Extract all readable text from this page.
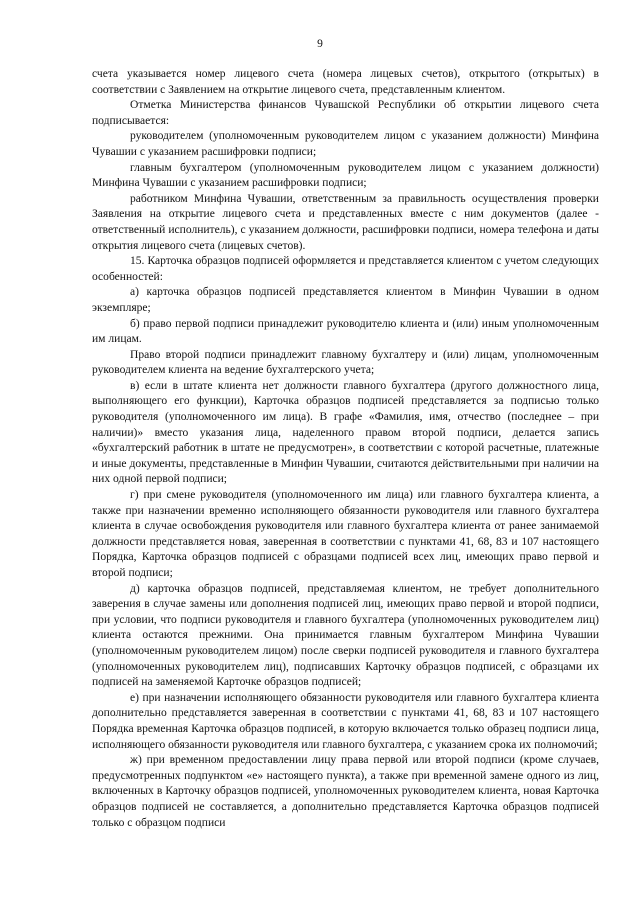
9

счета указывается номер лицевого счета (номера лицевых счетов), открытого (открытых) в соответствии с Заявлением на открытие лицевого счета, представленным клиентом.

Отметка Министерства финансов Чувашской Республики об открытии лицевого счета подписывается:

руководителем (уполномоченным руководителем лицом с указанием должности) Минфина Чувашии с указанием расшифровки подписи;

главным бухгалтером (уполномоченным руководителем лицом с указанием должности) Минфина Чувашии с указанием расшифровки подписи;

работником Минфина Чувашии, ответственным за правильность осуществления проверки Заявления на открытие лицевого счета и представленных вместе с ним документов (далее - ответственный исполнитель), с указанием должности, расшифровки подписи, номера телефона и даты открытия лицевого счета (лицевых счетов).

15. Карточка образцов подписей оформляется и представляется клиентом с учетом следующих особенностей:

а) карточка образцов подписей представляется клиентом в Минфин Чувашии в одном экземпляре;

б) право первой подписи принадлежит руководителю клиента и (или) иным уполномоченным им лицам.

Право второй подписи принадлежит главному бухгалтеру и (или) лицам, уполномоченным руководителем клиента на ведение бухгалтерского учета;

в) если в штате клиента нет должности главного бухгалтера (другого должностного лица, выполняющего его функции), Карточка образцов подписей представляется за подписью только руководителя (уполномоченного им лица). В графе «Фамилия, имя, отчество (последнее – при наличии)» вместо указания лица, наделенного правом второй подписи, делается запись «бухгалтерский работник в штате не предусмотрен», в соответствии с которой расчетные, платежные и иные документы, представленные в Минфин Чувашии, считаются действительными при наличии на них одной первой подписи;

г) при смене руководителя (уполномоченного им лица) или главного бухгалтера клиента, а также при назначении временно исполняющего обязанности руководителя или главного бухгалтера клиента в случае освобождения руководителя или главного бухгалтера клиента от ранее занимаемой должности представляется новая, заверенная в соответствии с пунктами 41, 68, 83 и 107 настоящего Порядка, Карточка образцов подписей с образцами подписей всех лиц, имеющих право первой и второй подписи;

д) карточка образцов подписей, представляемая клиентом, не требует дополнительного заверения в случае замены или дополнения подписей лиц, имеющих право первой и второй подписи, при условии, что подписи руководителя и главного бухгалтера (уполномоченных руководителем лиц) клиента остаются прежними. Она принимается главным бухгалтером Минфина Чувашии (уполномоченным руководителем лицом) после сверки подписей руководителя и главного бухгалтера (уполномоченных руководителем лиц), подписавших Карточку образцов подписей, с образцами их подписей на заменяемой Карточке образцов подписей;

е) при назначении исполняющего обязанности руководителя или главного бухгалтера клиента дополнительно представляется заверенная в соответствии с пунктами 41, 68, 83 и 107 настоящего Порядка временная Карточка образцов подписей, в которую включается только образец подписи лица, исполняющего обязанности руководителя или главного бухгалтера, с указанием срока их полномочий;

ж) при временном предоставлении лицу права первой или второй подписи (кроме случаев, предусмотренных подпунктом «е» настоящего пункта), а также при временной замене одного из лиц, включенных в Карточку образцов подписей, уполномоченных руководителем клиента, новая Карточка образцов подписей не составляется, а дополнительно представляется Карточка образцов подписей только с образцом подписи
